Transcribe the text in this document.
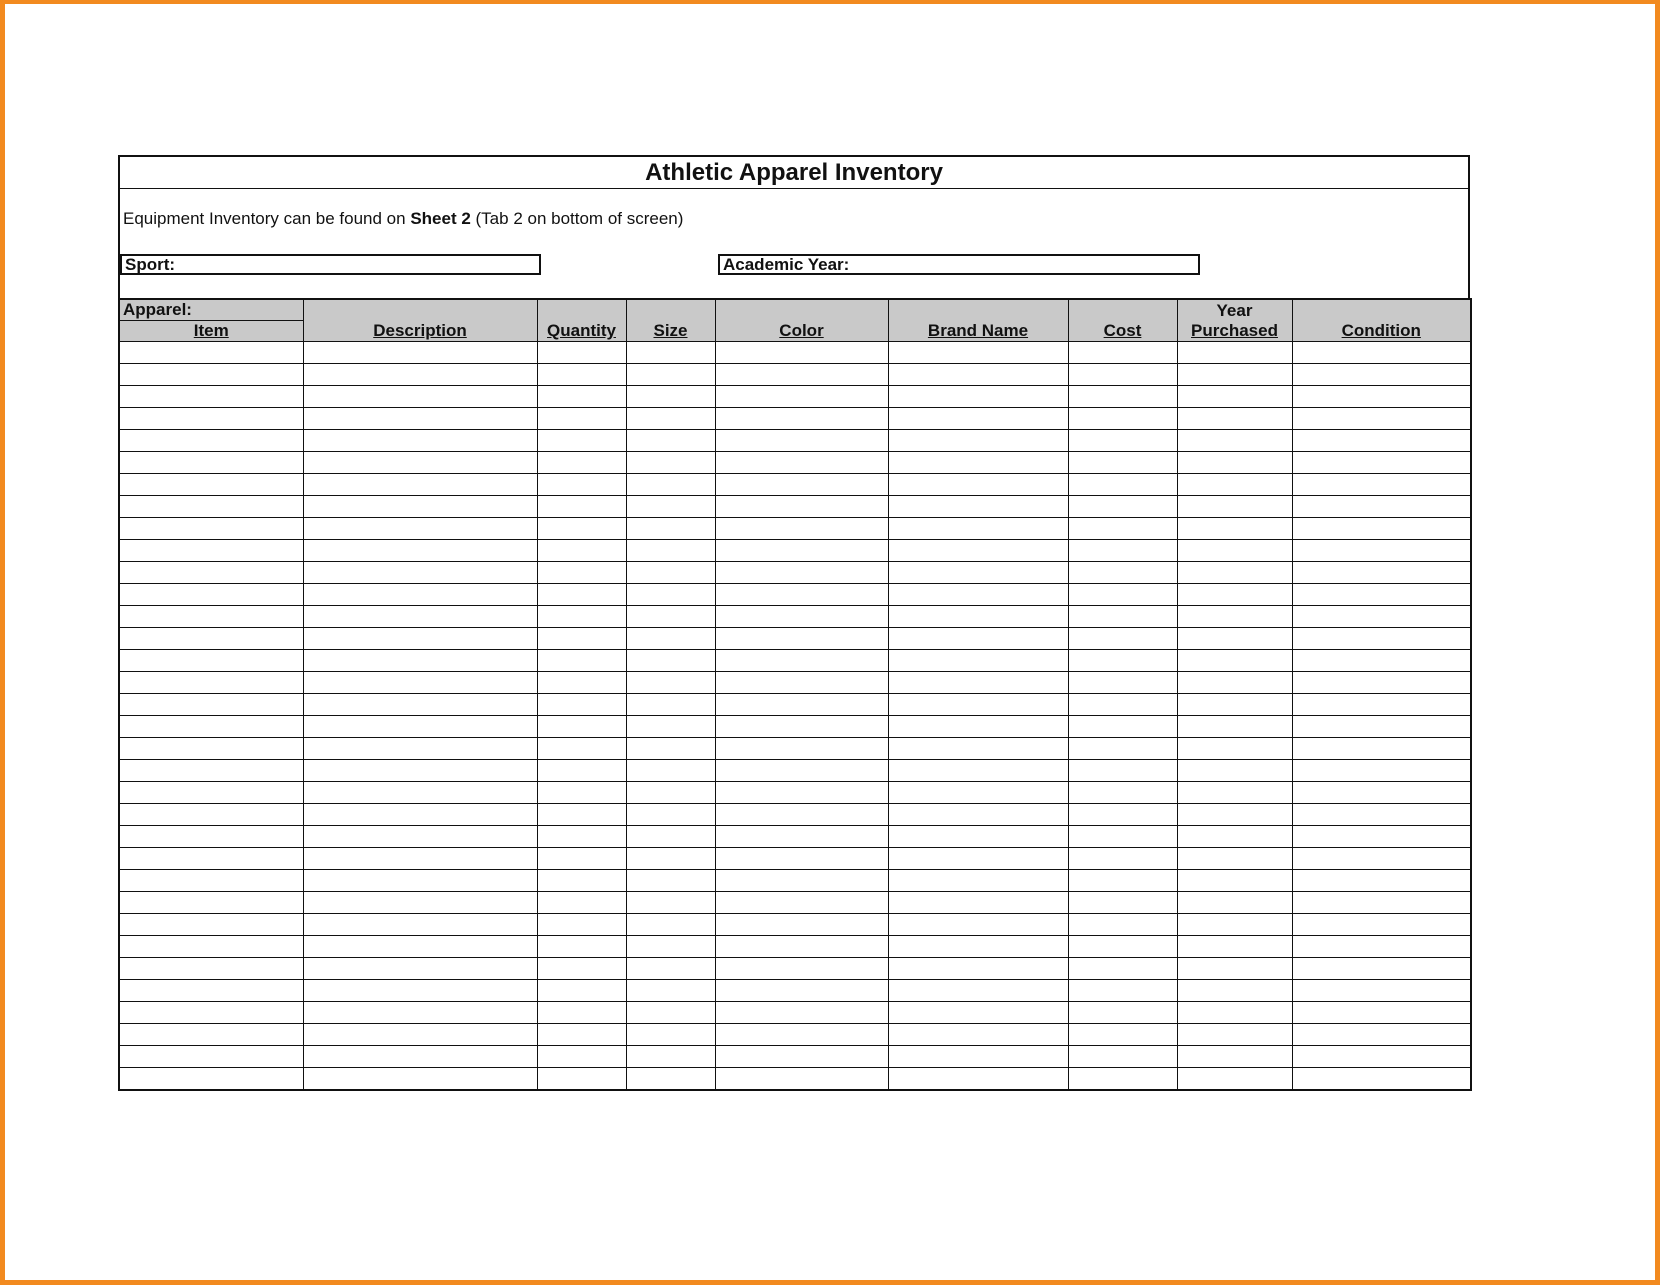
Athletic Apparel Inventory
Equipment Inventory can be found on Sheet 2 (Tab 2 on bottom of screen)
Sport:	Academic Year:
Apparel:	Description	Quantity	Size	Color	Brand Name	Cost	Year	Condition
Item							Purchased	
